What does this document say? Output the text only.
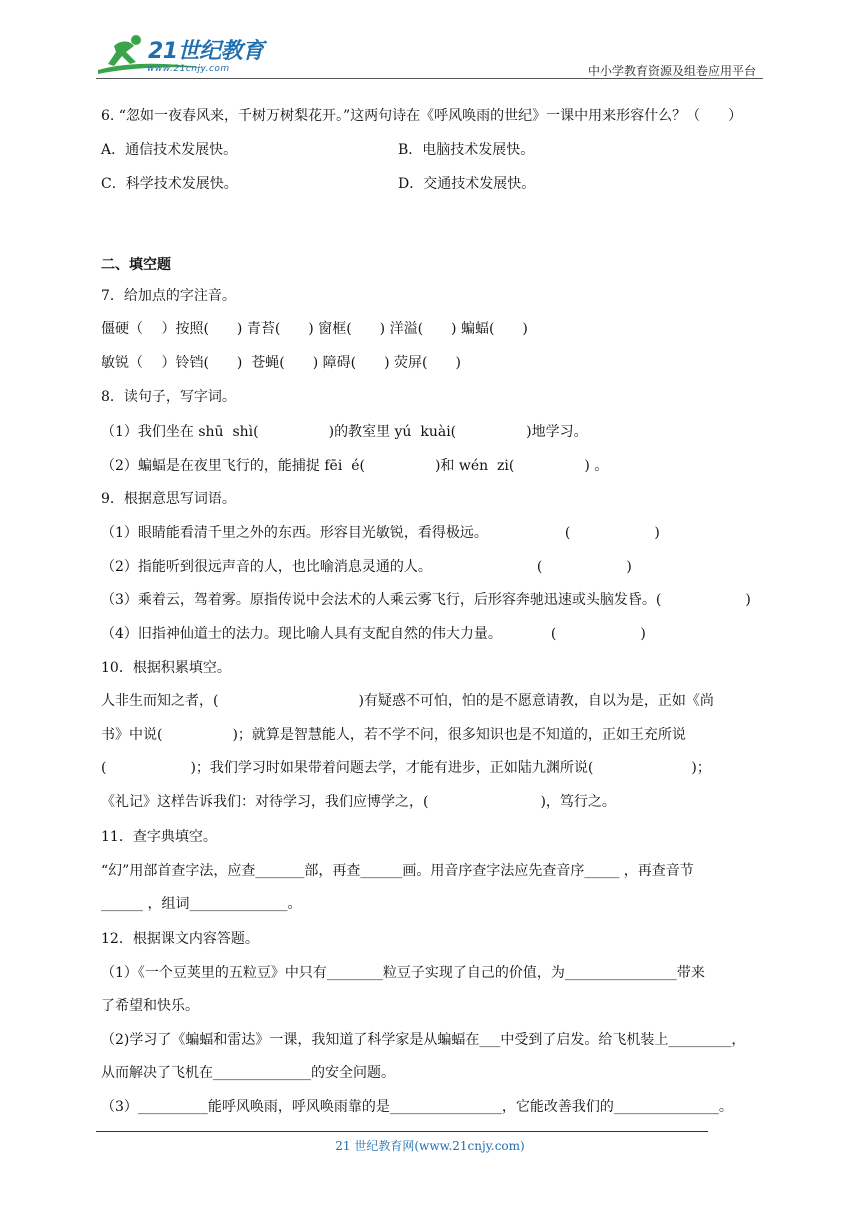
21世纪教育
www.21cnjy.com	中小学教育资源及组卷应用平台
6. “忽如一夜春风来，千树万树梨花开。”这两句诗在《呼风唤雨的世纪》一课中用来形容什么？（　　）
A．通信技术发展快。	B．电脑技术发展快。
C．科学技术发展快。	D．交通技术发展快。
二、填空题
7．给加点的字注音。
僵硬（　 ）按照(　　) 青苔(　　) 窗框(　　) 洋溢(　　) 蝙蝠(　　)
敏锐（　 ）铃铛(　　)  苍蝇(　　) 障碍(　　) 荧屏(　　)
8．读句子，写字词。
（1）我们坐在 shū  shì(　　　　　)的教室里 yú  kuài(　　　　　)地学习。
（2）蝙蝠是在夜里飞行的，能捕捉 fēi  é(　　　　　)和 wén  zi(　　　　　) 。
9．根据意思写词语。
（1）眼睛能看清千里之外的东西。形容目光敏锐，看得极远。　　　　　　(　　　　　　)
（2）指能听到很远声音的人，也比喻消息灵通的人。　　　　　　　　(　　　　　　)
（3）乘着云，驾着雾。原指传说中会法术的人乘云雾飞行，后形容奔驰迅速或头脑发昏。(　　　　　　)
（4）旧指神仙道士的法力。现比喻人具有支配自然的伟大力量。　　　　(　　　　　　)
10．根据积累填空。
人非生而知之者，(　　　　　　　　　　)有疑惑不可怕，怕的是不愿意请教，自以为是，正如《尚
书》中说(　　　　　)；就算是智慧能人，若不学不问，很多知识也是不知道的，正如王充所说
(　　　　　　)；我们学习时如果带着问题去学，才能有进步，正如陆九渊所说(　　　　　　　)；
《礼记》这样告诉我们：对待学习，我们应博学之，(　　　　　　　　)，笃行之。
11．查字典填空。
“幻”用部首查字法，应查_______部，再查______画。用音序查字法应先查音序_____ ，再查音节
______ ，组词______________。
12．根据课文内容答题。
（1）《一个豆荚里的五粒豆》中只有________粒豆子实现了自己的价值，为________________带来
了希望和快乐。
（2)学习了《蝙蝠和雷达》一课，我知道了科学家是从蝙蝠在___中受到了启发。给飞机装上_________，
从而解决了飞机在______________的安全问题。
（3）__________能呼风唤雨，呼风唤雨靠的是________________，它能改善我们的_______________。
21 世纪教育网(www.21cnjy.com)
